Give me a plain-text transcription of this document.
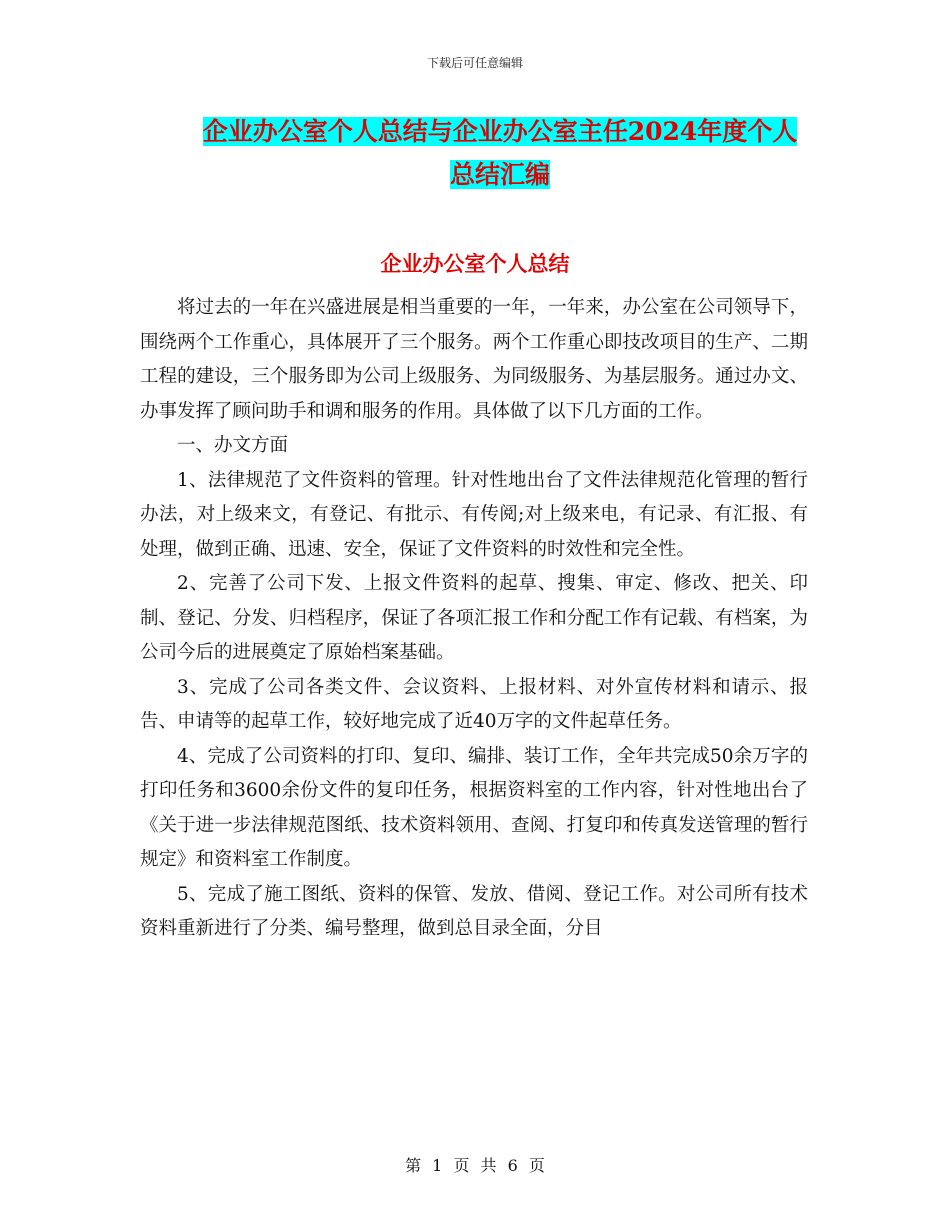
下载后可任意编辑
企业办公室个人总结与企业办公室主任2024年度个人
总结汇编
企业办公室个人总结

将过去的一年在兴盛进展是相当重要的一年，一年来，办公室在公司领导下，围绕两个工作重心，具体展开了三个服务。两个工作重心即技改项目的生产、二期工程的建设，三个服务即为公司上级服务、为同级服务、为基层服务。通过办文、办事发挥了顾问助手和调和服务的作用。具体做了以下几方面的工作。

一、办文方面

1、法律规范了文件资料的管理。针对性地出台了文件法律规范化管理的暂行办法，对上级来文，有登记、有批示、有传阅;对上级来电，有记录、有汇报、有处理，做到正确、迅速、安全，保证了文件资料的时效性和完全性。

2、完善了公司下发、上报文件资料的起草、搜集、审定、修改、把关、印制、登记、分发、归档程序，保证了各项汇报工作和分配工作有记载、有档案，为公司今后的进展奠定了原始档案基础。

3、完成了公司各类文件、会议资料、上报材料、对外宣传材料和请示、报告、申请等的起草工作，较好地完成了近40万字的文件起草任务。

4、完成了公司资料的打印、复印、编排、装订工作，全年共完成50余万字的打印任务和3600余份文件的复印任务，根据资料室的工作内容，针对性地出台了《关于进一步法律规范图纸、技术资料领用、查阅、打复印和传真发送管理的暂行规定》和资料室工作制度。

5、完成了施工图纸、资料的保管、发放、借阅、登记工作。对公司所有技术资料重新进行了分类、编号整理，做到总目录全面，分目

第 1 页 共 6 页
